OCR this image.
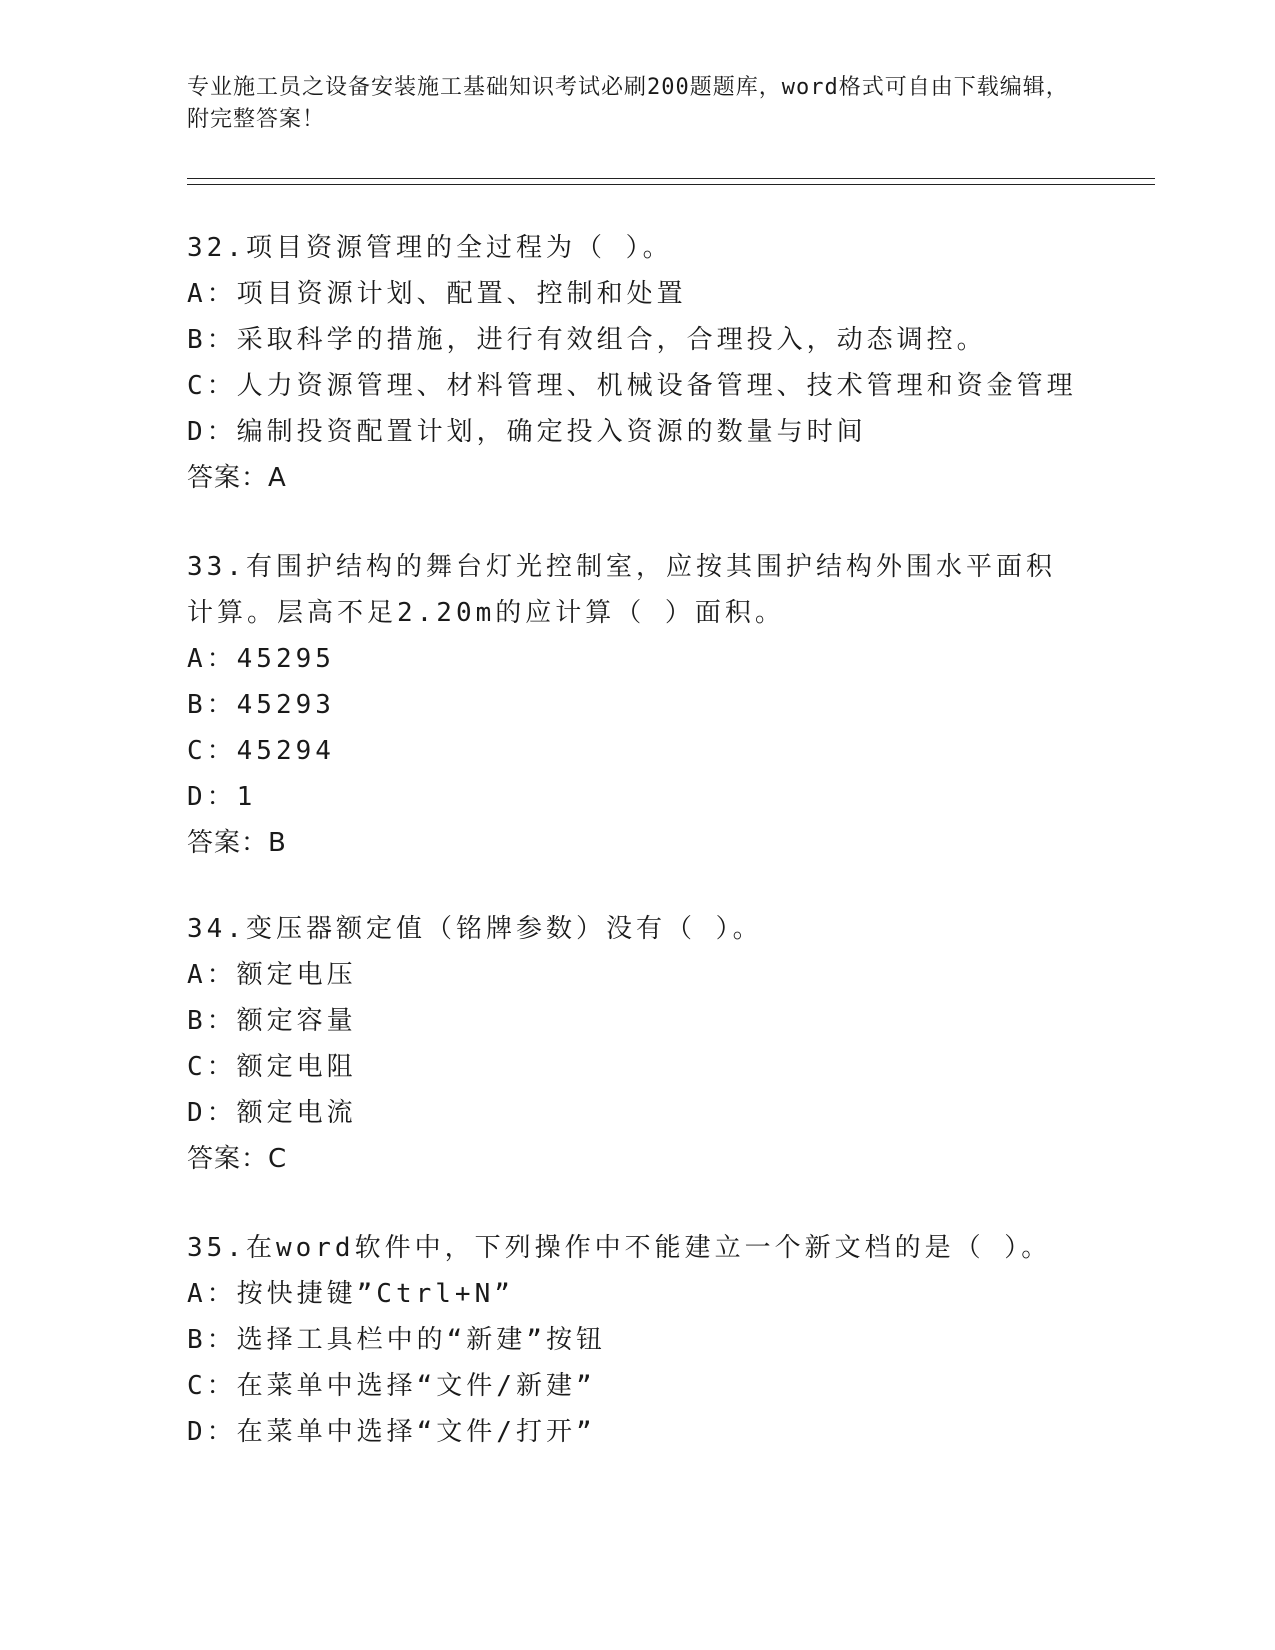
专业施工员之设备安装施工基础知识考试必刷200题题库，word格式可自由下载编辑，附完整答案！
32.项目资源管理的全过程为（ ）。
A：项目资源计划、配置、控制和处置
B：采取科学的措施，进行有效组合，合理投入，动态调控。
C：人力资源管理、材料管理、机械设备管理、技术管理和资金管理
D：编制投资配置计划，确定投入资源的数量与时间
答案：A
33.有围护结构的舞台灯光控制室，应按其围护结构外围水平面积计算。层高不足2.20m的应计算（ ）面积。
A：45295
B：45293
C：45294
D：1
答案：B
34.变压器额定值（铭牌参数）没有（ ）。
A：额定电压
B：额定容量
C：额定电阻
D：额定电流
答案：C
35.在word软件中，下列操作中不能建立一个新文档的是（ ）。
A：按快捷键”Ctrl+N”
B：选择工具栏中的“新建”按钮
C：在菜单中选择“文件/新建”
D：在菜单中选择“文件/打开”
